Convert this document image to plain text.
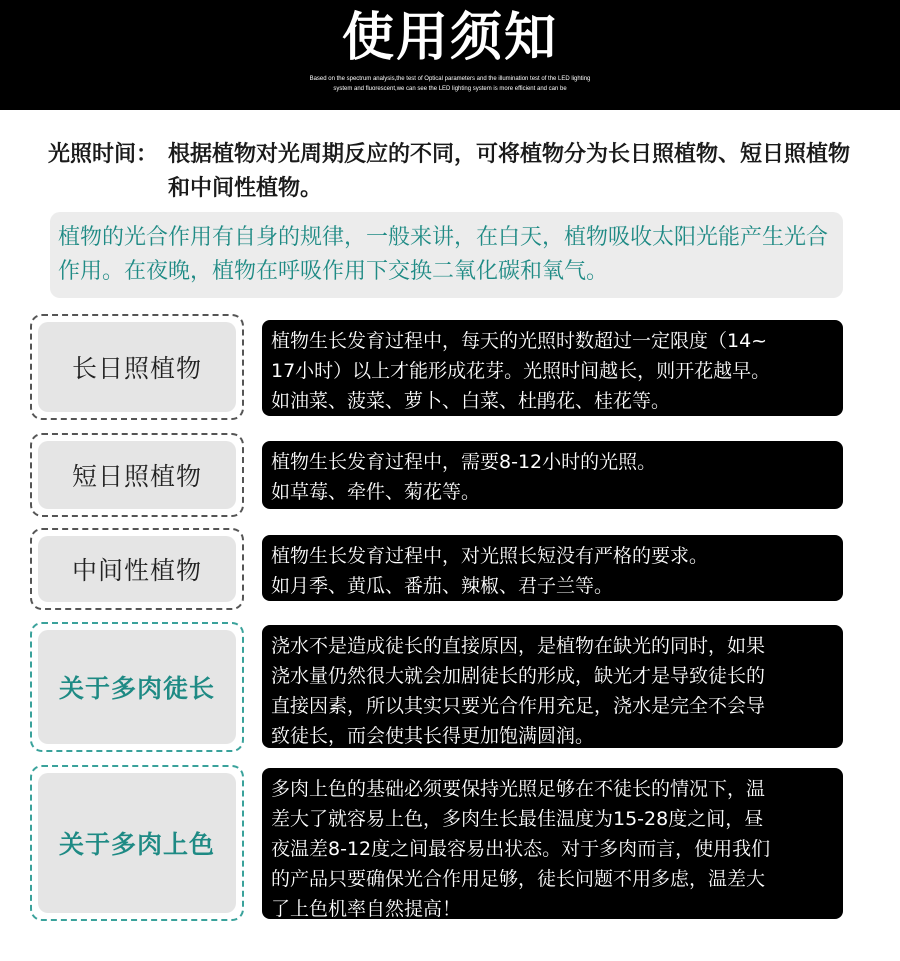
使用须知
Based on the spectrum analysis,the test of Optical parameters and the illumination test of the LED lighting
system and fluorescent,we can see the LED lighting system is more efficient and can be
光照时间： 根据植物对光周期反应的不同，可将植物分为长日照植物、短日照植物和中间性植物。
植物的光合作用有自身的规律，一般来讲，在白天，植物吸收太阳光能产生光合作用。在夜晚，植物在呼吸作用下交换二氧化碳和氧气。
长日照植物

植物生长发育过程中，每天的光照时数超过一定限度（14~

17小时）以上才能形成花芽。光照时间越长，则开花越早。

如油菜、菠菜、萝卜、白菜、杜鹃花、桂花等。

短日照植物	植物生长发育过程中，需要8-12小时的光照。

如草莓、牵件、菊花等。

中间性植物	植物生长发育过程中，对光照长短没有严格的要求。

如月季、黄瓜、番茄、辣椒、君子兰等。

关于多肉徒长

浇水不是造成徒长的直接原因，是植物在缺光的同时，如果

浇水量仍然很大就会加剧徒长的形成，缺光才是导致徒长的

直接因素，所以其实只要光合作用充足，浇水是完全不会导

致徒长，而会使其长得更加饱满圆润。

关于多肉上色

多肉上色的基础必须要保持光照足够在不徒长的情况下，温

差大了就容易上色，多肉生长最佳温度为15-28度之间，昼

夜温差8-12度之间最容易出状态。对于多肉而言，使用我们

的产品只要确保光合作用足够，徒长问题不用多虑，温差大

了上色机率自然提高！
